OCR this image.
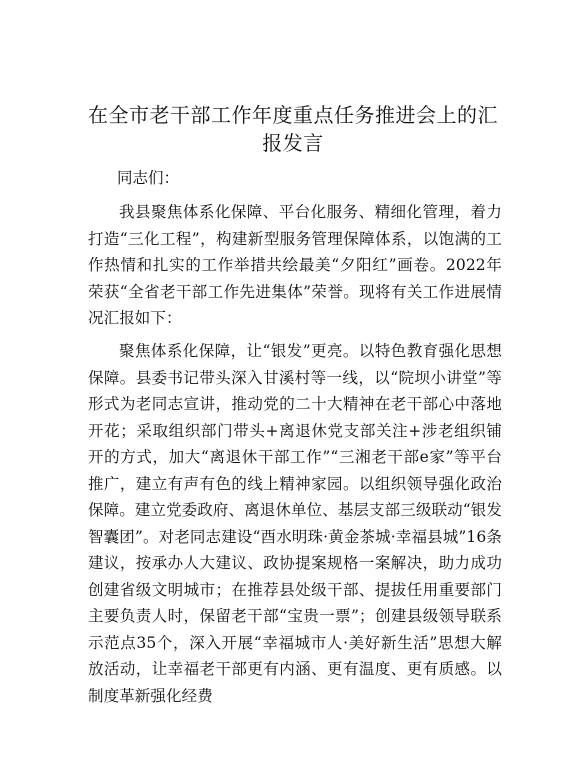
在全市老干部工作年度重点任务推进会上的汇报发言

同志们：

我县聚焦体系化保障、平台化服务、精细化管理，着力打造“三化工程”，构建新型服务管理保障体系，以饱满的工作热情和扎实的工作举措共绘最美“夕阳红”画卷。2022年荣获“全省老干部工作先进集体”荣誉。现将有关工作进展情况汇报如下：

聚焦体系化保障，让“银发”更亮。以特色教育强化思想保障。县委书记带头深入甘溪村等一线，以“院坝小讲堂”等形式为老同志宣讲，推动党的二十大精神在老干部心中落地开花；采取组织部门带头+离退休党支部关注+涉老组织铺开的方式，加大“离退休干部工作”“三湘老干部e家”等平台推广，建立有声有色的线上精神家园。以组织领导强化政治保障。建立党委政府、离退休单位、基层支部三级联动“银发智囊团”。对老同志建设“酉水明珠·黄金茶城·幸福县城”16条建议，按承办人大建议、政协提案规格一案解决，助力成功创建省级文明城市；在推荐县处级干部、提拔任用重要部门主要负责人时，保留老干部“宝贵一票”；创建县级领导联系示范点35个，深入开展“幸福城市人·美好新生活”思想大解放活动，让幸福老干部更有内涵、更有温度、更有质感。以制度革新强化经费
